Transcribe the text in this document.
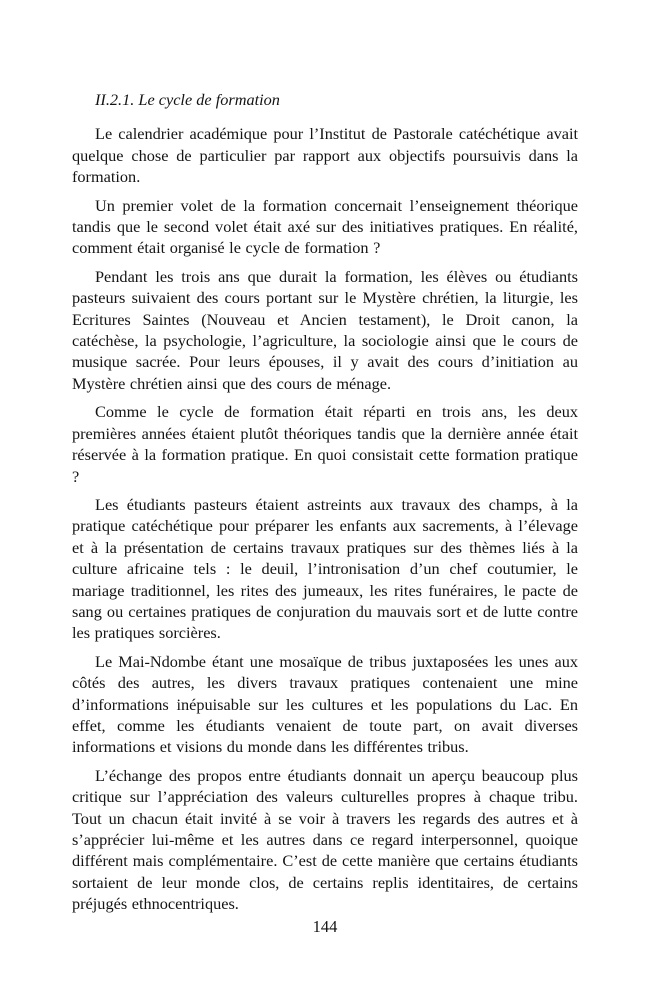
II.2.1. Le cycle de formation

Le calendrier académique pour l’Institut de Pastorale catéchétique avait quelque chose de particulier par rapport aux objectifs poursuivis dans la formation.

Un premier volet de la formation concernait l’enseignement théorique tandis que le second volet était axé sur des initiatives pratiques. En réalité, comment était organisé le cycle de formation ?

Pendant les trois ans que durait la formation, les élèves ou étudiants pasteurs suivaient des cours portant sur le Mystère chrétien, la liturgie, les Ecritures Saintes (Nouveau et Ancien testament), le Droit canon, la catéchèse, la psychologie, l’agriculture, la sociologie ainsi que le cours de musique sacrée. Pour leurs épouses, il y avait des cours d’initiation au Mystère chrétien ainsi que des cours de ménage.

Comme le cycle de formation était réparti en trois ans, les deux premières années étaient plutôt théoriques tandis que la dernière année était réservée à la formation pratique. En quoi consistait cette formation pratique ?

Les étudiants pasteurs étaient astreints aux travaux des champs, à la pratique catéchétique pour préparer les enfants aux sacrements, à l’élevage et à la présentation de certains travaux pratiques sur des thèmes liés à la culture africaine tels : le deuil, l’intronisation d’un chef coutumier, le mariage traditionnel, les rites des jumeaux, les rites funéraires, le pacte de sang ou certaines pratiques de conjuration du mauvais sort et de lutte contre les pratiques sorcières.

Le Mai-Ndombe étant une mosaïque de tribus juxtaposées les unes aux côtés des autres, les divers travaux pratiques contenaient une mine d’informations inépuisable sur les cultures et les populations du Lac. En effet, comme les étudiants venaient de toute part, on avait diverses informations et visions du monde dans les différentes tribus.

L’échange des propos entre étudiants donnait un aperçu beaucoup plus critique sur l’appréciation des valeurs culturelles propres à chaque tribu. Tout un chacun était invité à se voir à travers les regards des autres et à s’apprécier lui-même et les autres dans ce regard interpersonnel, quoique différent mais complémentaire. C’est de cette manière que certains étudiants sortaient de leur monde clos, de certains replis identitaires, de certains préjugés ethnocentriques.

144
